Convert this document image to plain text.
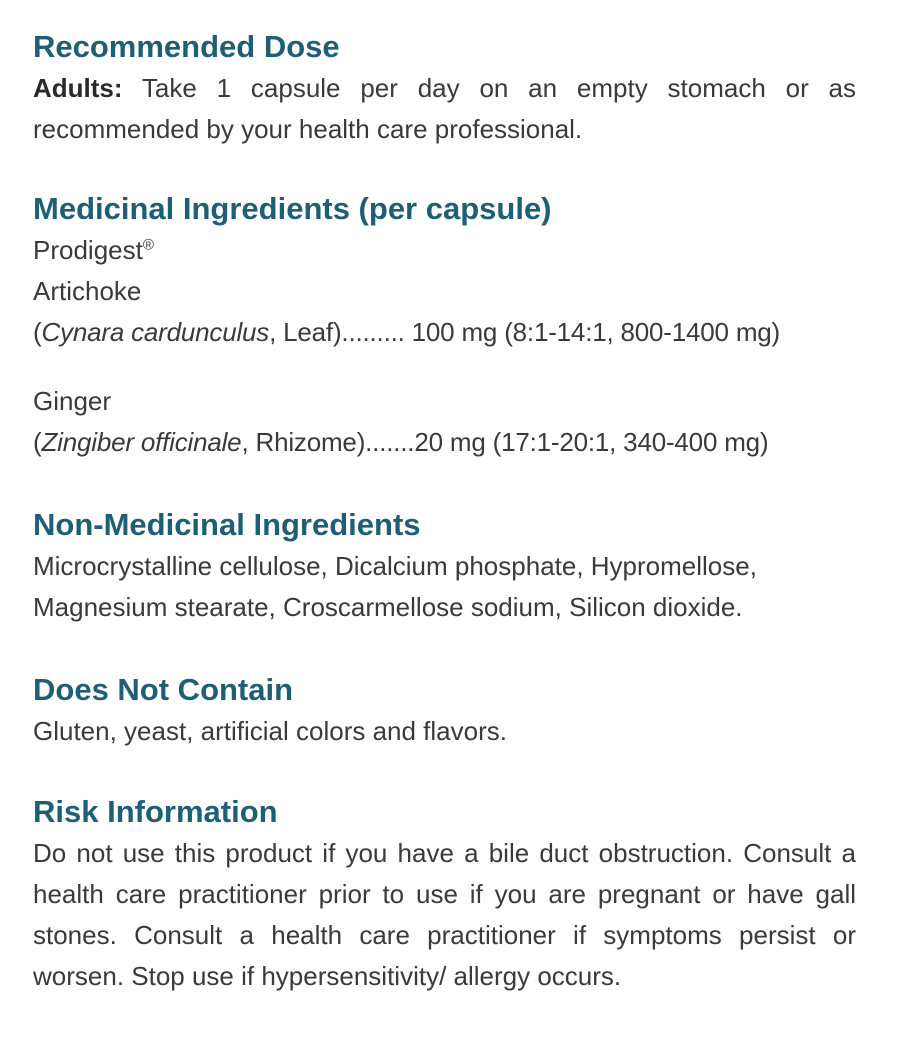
Recommended Dose

Adults: Take 1 capsule per day on an empty stomach or as recommended by your health care professional.

Medicinal Ingredients (per capsule)

Prodigest®

Artichoke

(Cynara cardunculus, Leaf)......... 100 mg (8:1-14:1, 800-1400 mg)

Ginger

(Zingiber officinale, Rhizome).......20 mg (17:1-20:1, 340-400 mg)

Non-Medicinal Ingredients

Microcrystalline cellulose, Dicalcium phosphate, Hypromellose, Magnesium stearate, Croscarmellose sodium, Silicon dioxide.

Does Not Contain

Gluten, yeast, artificial colors and flavors.

Risk Information

Do not use this product if you have a bile duct obstruction. Consult a health care practitioner prior to use if you are pregnant or have gall stones. Consult a health care practitioner if symptoms persist or worsen. Stop use if hypersensitivity/ allergy occurs.
